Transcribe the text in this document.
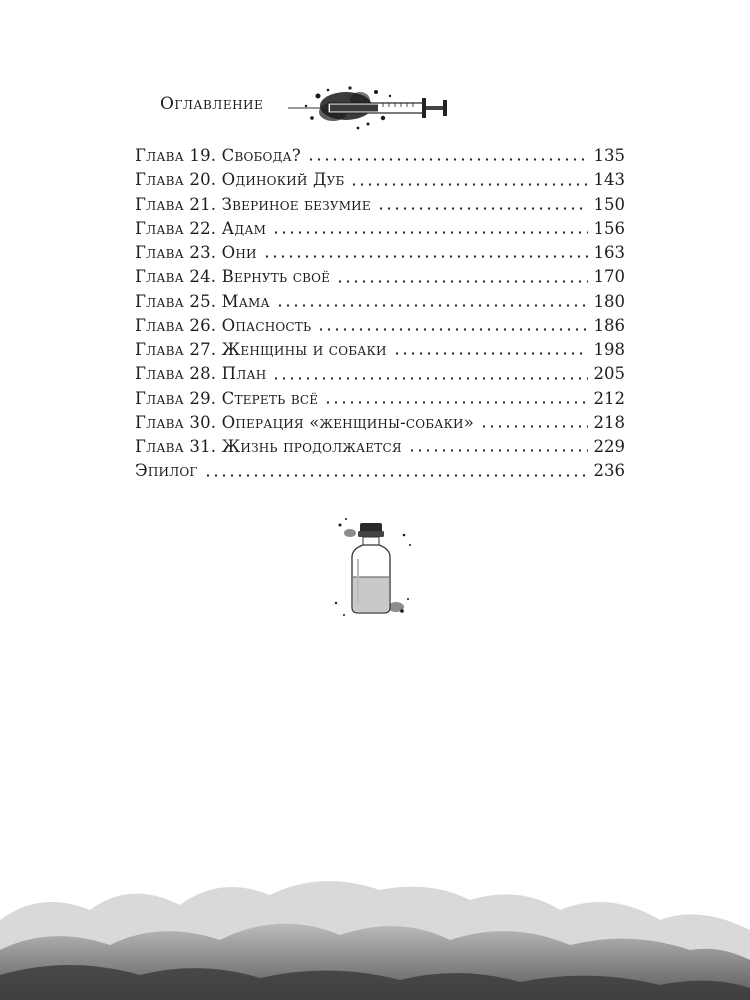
Оглавление
Глава 19. Свобода?	135
Глава 20. Одинокий Дуб	143
Глава 21. Звериное безумие	150
Глава 22. Адам	156
Глава 23. Они	163
Глава 24. Вернуть своё	170
Глава 25. Мама	180
Глава 26. Опасность	186
Глава 27. Женщины и собаки	198
Глава 28. План	205
Глава 29. Стереть всё	212
Глава 30. Операция «женщины-собаки»	218
Глава 31. Жизнь продолжается	229
Эпилог	236
